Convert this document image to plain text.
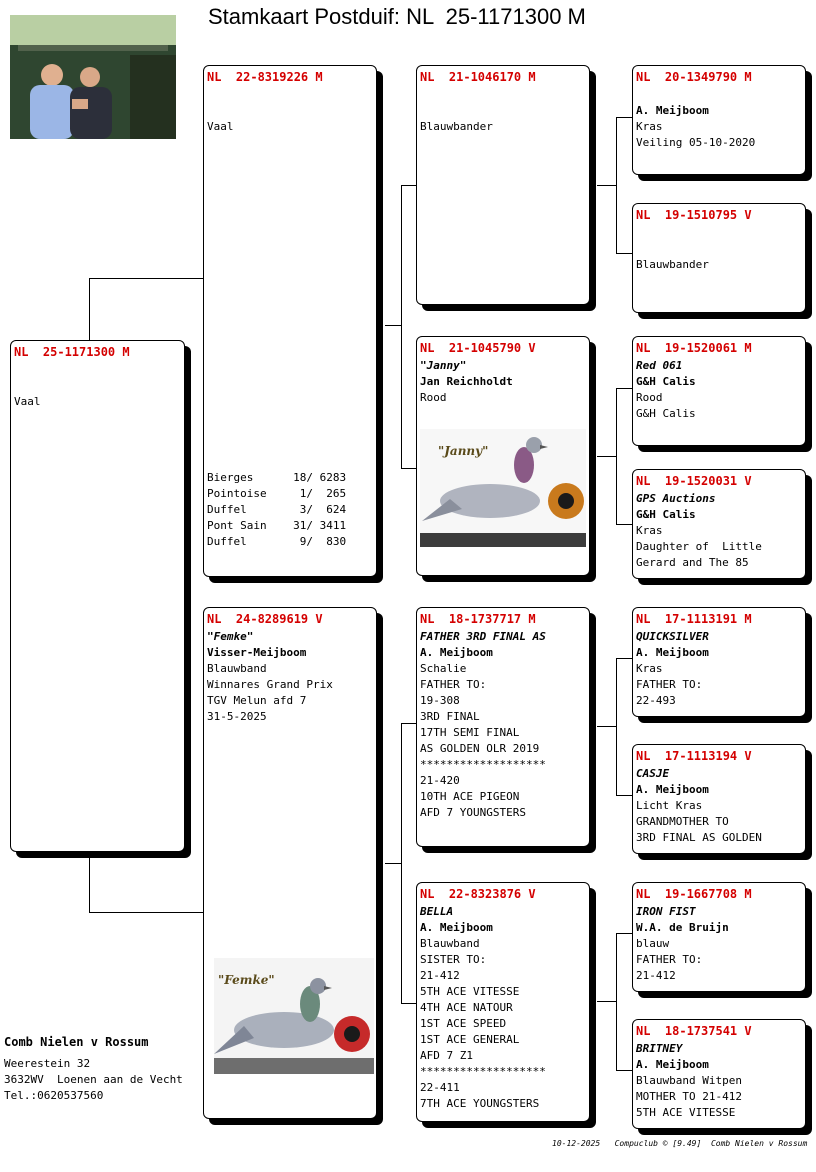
Stamkaart Postduif: NL  25-1171300 M
NL  25-1171300 M
Vaal
NL  22-8319226 M
Vaal
Bierges      18/ 6283
Pointoise     1/  265
Duffel        3/  624
Pont Sain    31/ 3411
Duffel        9/  830
NL  24-8289619 V
"Femke"
Visser-Meijboom
Blauwband
Winnares Grand Prix
TGV Melun afd 7
31-5-2025
"Femke"
NL  21-1046170 M
Blauwbander
NL  21-1045790 V
"Janny"
Jan Reichholdt
Rood
"Janny"
NL  18-1737717 M
FATHER 3RD FINAL AS
A. Meijboom
Schalie
FATHER TO:
19-308
3RD FINAL
17TH SEMI FINAL
AS GOLDEN OLR 2019
*******************
21-420
10TH ACE PIGEON
AFD 7 YOUNGSTERS
NL  22-8323876 V
BELLA
A. Meijboom
Blauwband
SISTER TO:
21-412
5TH ACE VITESSE
4TH ACE NATOUR
1ST ACE SPEED
1ST ACE GENERAL
AFD 7 Z1
*******************
22-411
7TH ACE YOUNGSTERS
NL  20-1349790 M
A. Meijboom
Kras
Veiling 05-10-2020
NL  19-1510795 V
Blauwbander
NL  19-1520061 M
Red 061
G&H Calis
Rood
G&H Calis
NL  19-1520031 V
GPS Auctions
G&H Calis
Kras
Daughter of  Little
Gerard and The 85
NL  17-1113191 M
QUICKSILVER
A. Meijboom
Kras
FATHER TO:
22-493
NL  17-1113194 V
CASJE
A. Meijboom
Licht Kras
GRANDMOTHER TO
3RD FINAL AS GOLDEN
NL  19-1667708 M
IRON FIST
W.A. de Bruijn
blauw
FATHER TO:
21-412
NL  18-1737541 V
BRITNEY
A. Meijboom
Blauwband Witpen
MOTHER TO 21-412
5TH ACE VITESSE
Comb Nielen v Rossum
Weerestein 32
3632WV  Loenen aan de Vecht
Tel.:0620537560
10-12-2025   Compuclub © [9.49]  Comb Nielen v Rossum
